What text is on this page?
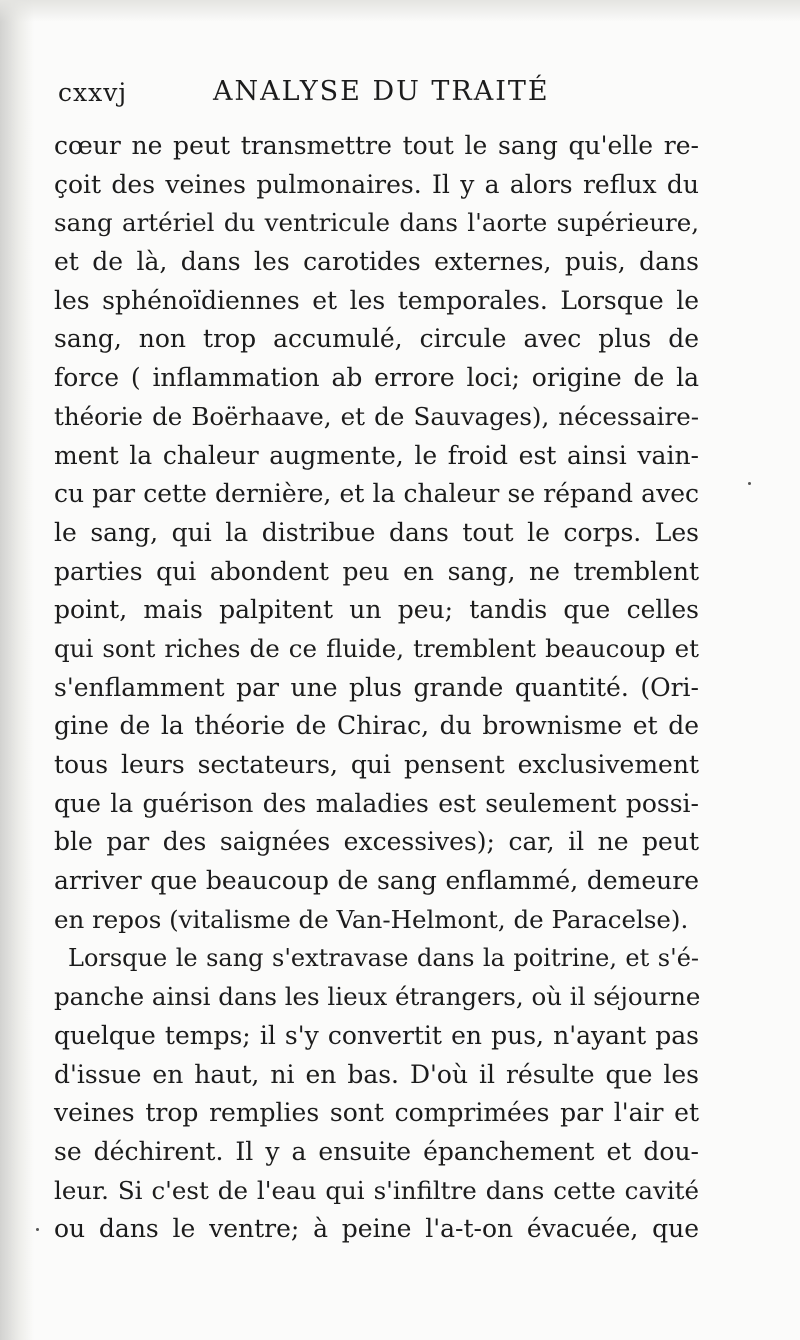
cxxvj	ANALYSE DU TRAITÉ
cœur ne peut transmettre tout le sang qu'elle re-
çoit des veines pulmonaires. Il y a alors reflux du
sang artériel du ventricule dans l'aorte supérieure,
et de là, dans les carotides externes, puis, dans
les sphénoïdiennes et les temporales. Lorsque le
sang, non trop accumulé, circule avec plus de
force ( inflammation ab errore loci; origine de la
théorie de Boërhaave, et de Sauvages), nécessaire-
ment la chaleur augmente, le froid est ainsi vain-
cu par cette dernière, et la chaleur se répand avec
le sang, qui la distribue dans tout le corps. Les
parties qui abondent peu en sang, ne tremblent
point, mais palpitent un peu; tandis que celles
qui sont riches de ce fluide, tremblent beaucoup et
s'enflamment par une plus grande quantité. (Ori-
gine de la théorie de Chirac, du brownisme et de
tous leurs sectateurs, qui pensent exclusivement
que la guérison des maladies est seulement possi-
ble par des saignées excessives); car, il ne peut
arriver que beaucoup de sang enflammé, demeure
en repos (vitalisme de Van-Helmont, de Paracelse).
Lorsque le sang s'extravase dans la poitrine, et s'é-
panche ainsi dans les lieux étrangers, où il séjourne
quelque temps; il s'y convertit en pus, n'ayant pas
d'issue en haut, ni en bas. D'où il résulte que les
veines trop remplies sont comprimées par l'air et
se déchirent. Il y a ensuite épanchement et dou-
leur. Si c'est de l'eau qui s'infiltre dans cette cavité
ou dans le ventre; à peine l'a-t-on évacuée, que
